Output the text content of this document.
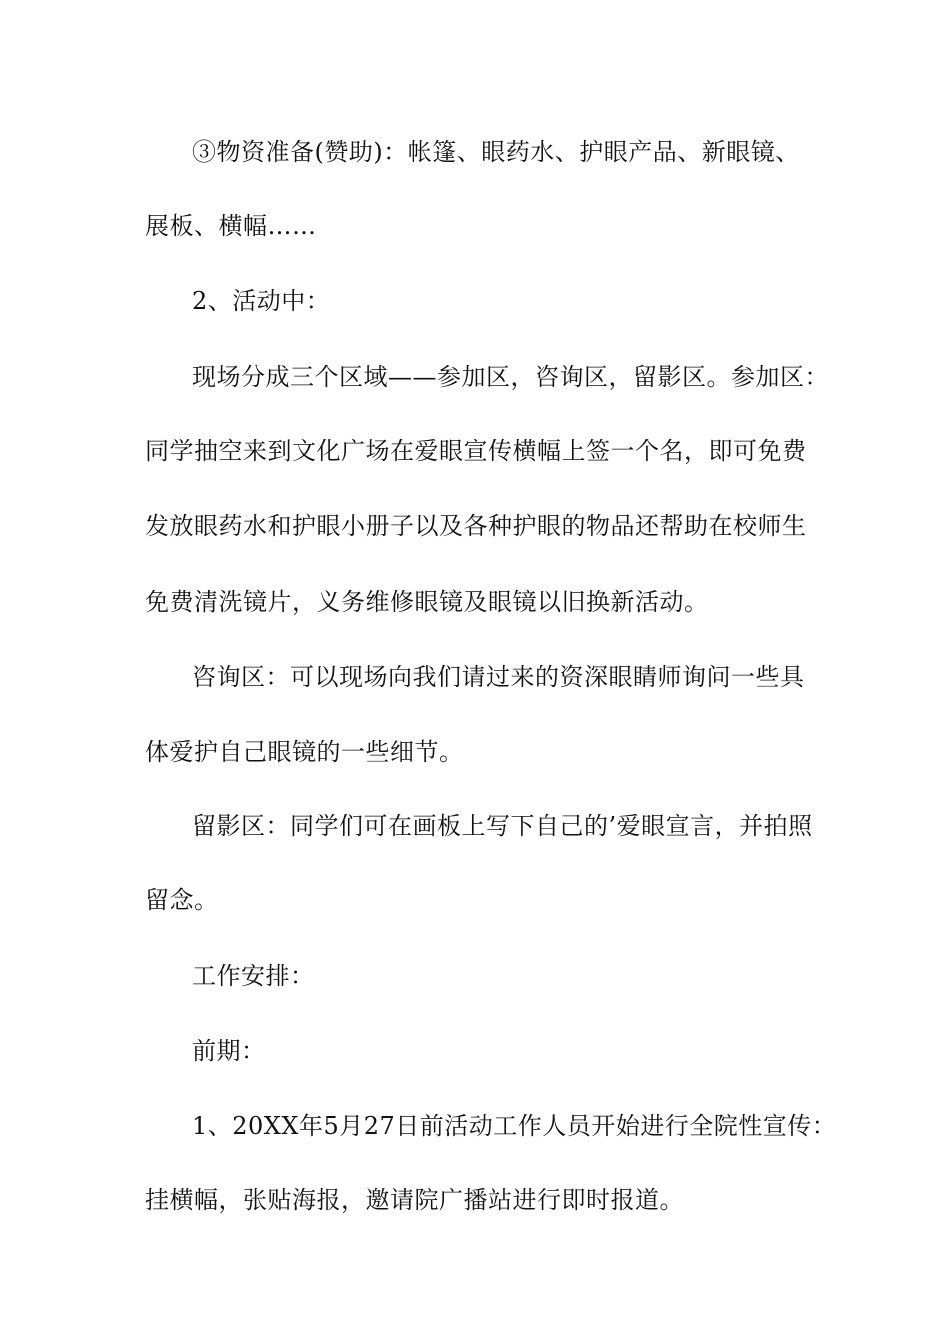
③物资准备(赞助)：帐篷、眼药水、护眼产品、新眼镜、
展板、横幅……
2、活动中：
现场分成三个区域——参加区，咨询区，留影区。参加区：
同学抽空来到文化广场在爱眼宣传横幅上签一个名，即可免费
发放眼药水和护眼小册子以及各种护眼的物品还帮助在校师生
免费清洗镜片，义务维修眼镜及眼镜以旧换新活动。
咨询区：可以现场向我们请过来的资深眼睛师询问一些具
体爱护自己眼镜的一些细节。
留影区：同学们可在画板上写下自己的’爱眼宣言，并拍照
留念。
工作安排：
前期：
1、20XX年5月27日前活动工作人员开始进行全院性宣传：
挂横幅，张贴海报，邀请院广播站进行即时报道。
